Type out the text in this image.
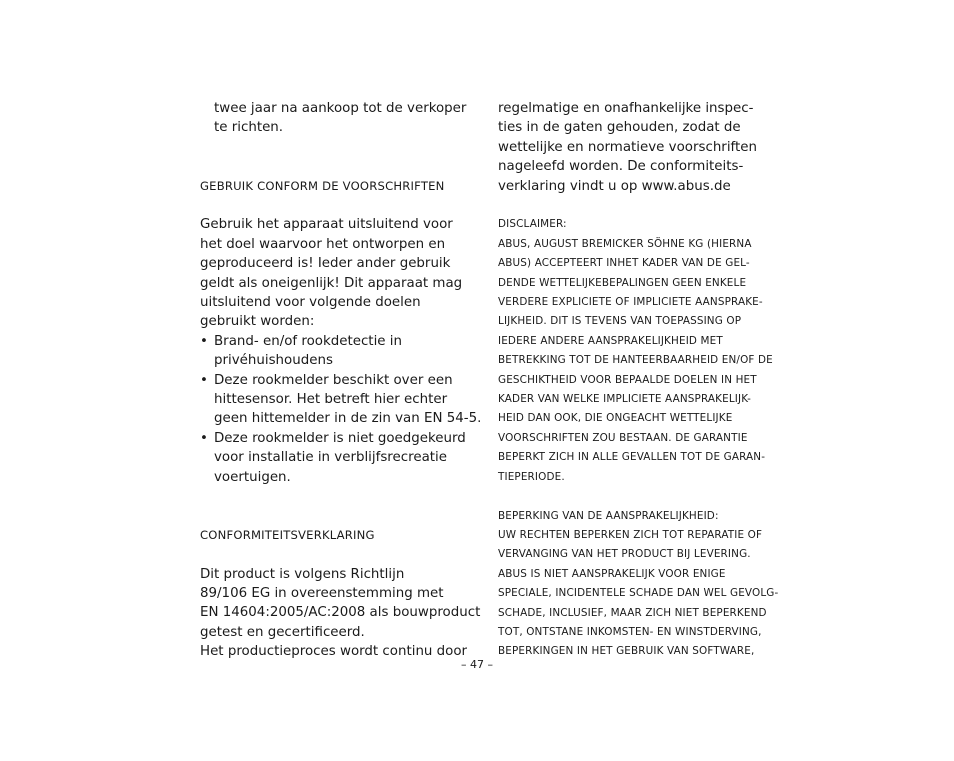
twee jaar na aankoop tot de verkoper
te richten.
GEBRUIK CONFORM DE VOORSCHRIFTEN
Gebruik het apparaat uitsluitend voor
het doel waarvoor het ontworpen en
geproduceerd is! Ieder ander gebruik
geldt als oneigenlijk! Dit apparaat mag
uitsluitend voor volgende doelen
gebruikt worden:
• Brand- en/of rookdetectie in
privéhuishoudens
• Deze rookmelder beschikt over een
hittesensor. Het betreft hier echter
geen hittemelder in de zin van EN 54-5.
• Deze rookmelder is niet goedgekeurd
voor installatie in verblijfsrecreatie
voertuigen.
CONFORMITEITSVERKLARING
Dit product is volgens Richtlijn
89/106 EG in overeenstemming met
EN 14604:2005/AC:2008 als bouwproduct
getest en gecertificeerd.
Het productieproces wordt continu door
regelmatige en onafhankelijke inspec-
ties in de gaten gehouden, zodat de
wettelijke en normatieve voorschriften
nageleefd worden. De conformiteits-
verklaring vindt u op www.abus.de
DISCLAIMER:
ABUS, AUGUST BREMICKER SÖHNE KG (HIERNA
ABUS) ACCEPTEERT INHET KADER VAN DE GEL-
DENDE WETTELIJKEBEPALINGEN GEEN ENKELE
VERDERE EXPLICIETE OF IMPLICIETE AANSPRAKE-
LIJKHEID. DIT IS TEVENS VAN TOEPASSING OP
IEDERE ANDERE AANSPRAKELIJKHEID MET
BETREKKING TOT DE HANTEERBAARHEID EN/OF DE
GESCHIKTHEID VOOR BEPAALDE DOELEN IN HET
KADER VAN WELKE IMPLICIETE AANSPRAKELIJK-
HEID DAN OOK, DIE ONGEACHT WETTELIJKE
VOORSCHRIFTEN ZOU BESTAAN. DE GARANTIE
BEPERKT ZICH IN ALLE GEVALLEN TOT DE GARAN-
TIEPERIODE.
BEPERKING VAN DE AANSPRAKELIJKHEID:
UW RECHTEN BEPERKEN ZICH TOT REPARATIE OF
VERVANGING VAN HET PRODUCT BIJ LEVERING.
ABUS IS NIET AANSPRAKELIJK VOOR ENIGE
SPECIALE, INCIDENTELE SCHADE DAN WEL GEVOLG-
SCHADE, INCLUSIEF, MAAR ZICH NIET BEPERKEND
TOT, ONTSTANE INKOMSTEN- EN WINSTDERVING,
BEPERKINGEN IN HET GEBRUIK VAN SOFTWARE,
– 47 –
